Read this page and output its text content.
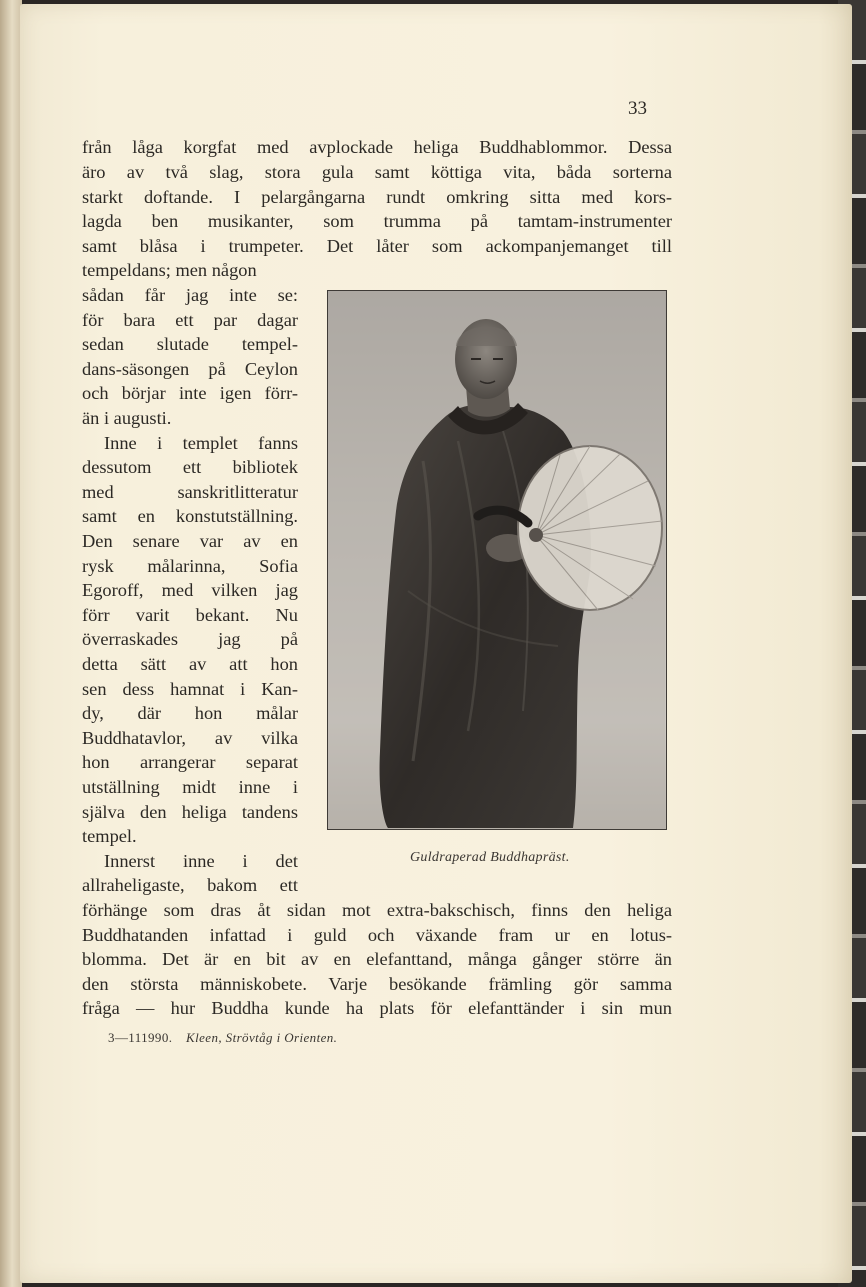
33
från låga korgfat med avplockade heliga Buddhablommor. Dessa
äro av två slag, stora gula samt köttiga vita, båda sorterna
starkt doftande. I pelargångarna rundt omkring sitta med kors-
lagda ben musikanter, som trumma på tamtam-instrumenter
samt blåsa i trumpeter. Det låter som ackompanjemanget till
tempeldans; men någon
sådan får jag inte se:
för bara ett par dagar
sedan slutade tempel-
dans-säsongen på Ceylon
och börjar inte igen förr-
än i augusti.
Inne i templet fanns
dessutom ett bibliotek
med sanskritlitteratur
samt en konstutställning.
Den senare var av en
rysk målarinna, Sofia
Egoroff, med vilken jag
förr varit bekant. Nu
överraskades jag på
detta sätt av att hon
sen dess hamnat i Kan-
dy, där hon målar
Buddhatavlor, av vilka
hon arrangerar separat
utställning midt inne i
själva den heliga tandens
tempel.
Innerst inne i det
allraheligaste, bakom ett
förhänge som dras åt sidan mot extra-bakschisch, finns den heliga
Buddhatanden infattad i guld och växande fram ur en lotus-
blomma. Det är en bit av en elefanttand, många gånger större än
den största människobete. Varje besökande främling gör samma
fråga — hur Buddha kunde ha plats för elefanttänder i sin mun
Guldraperad Buddhapräst.
3—111990. Kleen, Strövtåg i Orienten.
